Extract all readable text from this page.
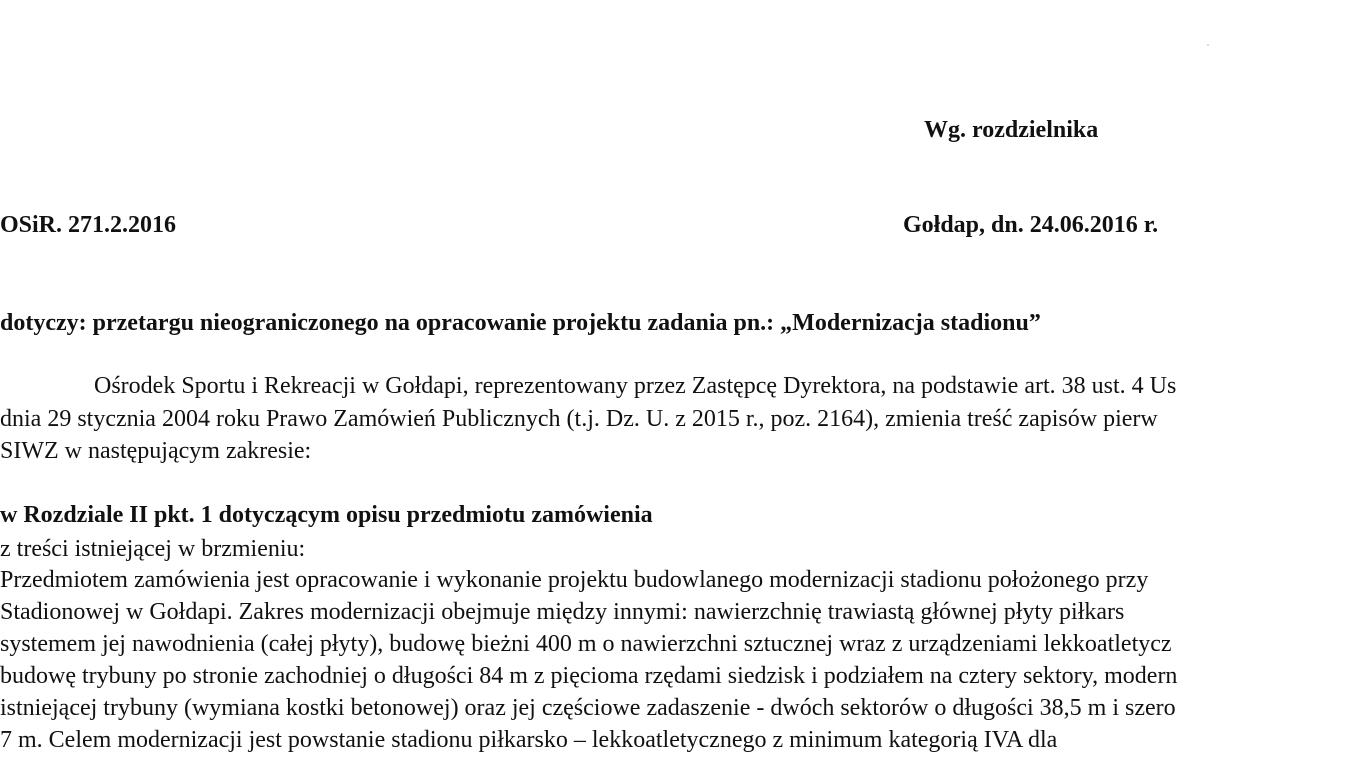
Wg. rozdzielnika
OSiR. 271.2.2016	Gołdap, dn. 24.06.2016 r.
dotyczy: przetargu nieograniczonego na opracowanie projektu zadania pn.: „Modernizacja stadionu”
Ośrodek Sportu i Rekreacji w Gołdapi, reprezentowany przez Zastępcę Dyrektora, na podstawie art. 38 ust. 4 Us
dnia 29 stycznia 2004 roku Prawo Zamówień Publicznych (t.j. Dz. U. z 2015 r., poz. 2164), zmienia treść zapisów pierw
SIWZ w następującym zakresie:
w Rozdziale II pkt. 1 dotyczącym opisu przedmiotu zamówienia
z treści istniejącej w brzmieniu:
Przedmiotem zamówienia jest opracowanie i wykonanie projektu budowlanego modernizacji stadionu położonego przy
Stadionowej w Gołdapi. Zakres modernizacji obejmuje między innymi: nawierzchnię trawiastą głównej płyty piłkars
systemem jej nawodnienia (całej płyty), budowę bieżni 400 m o nawierzchni sztucznej wraz z urządzeniami lekkoatletycz
budowę trybuny po stronie zachodniej o długości 84 m z pięcioma rzędami siedzisk i podziałem na cztery sektory, modern
istniejącej trybuny (wymiana kostki betonowej) oraz jej częściowe zadaszenie - dwóch sektorów o długości 38,5 m i szero
7 m. Celem modernizacji jest powstanie stadionu piłkarsko – lekkoatletycznego z minimum kategorią IVA dla
